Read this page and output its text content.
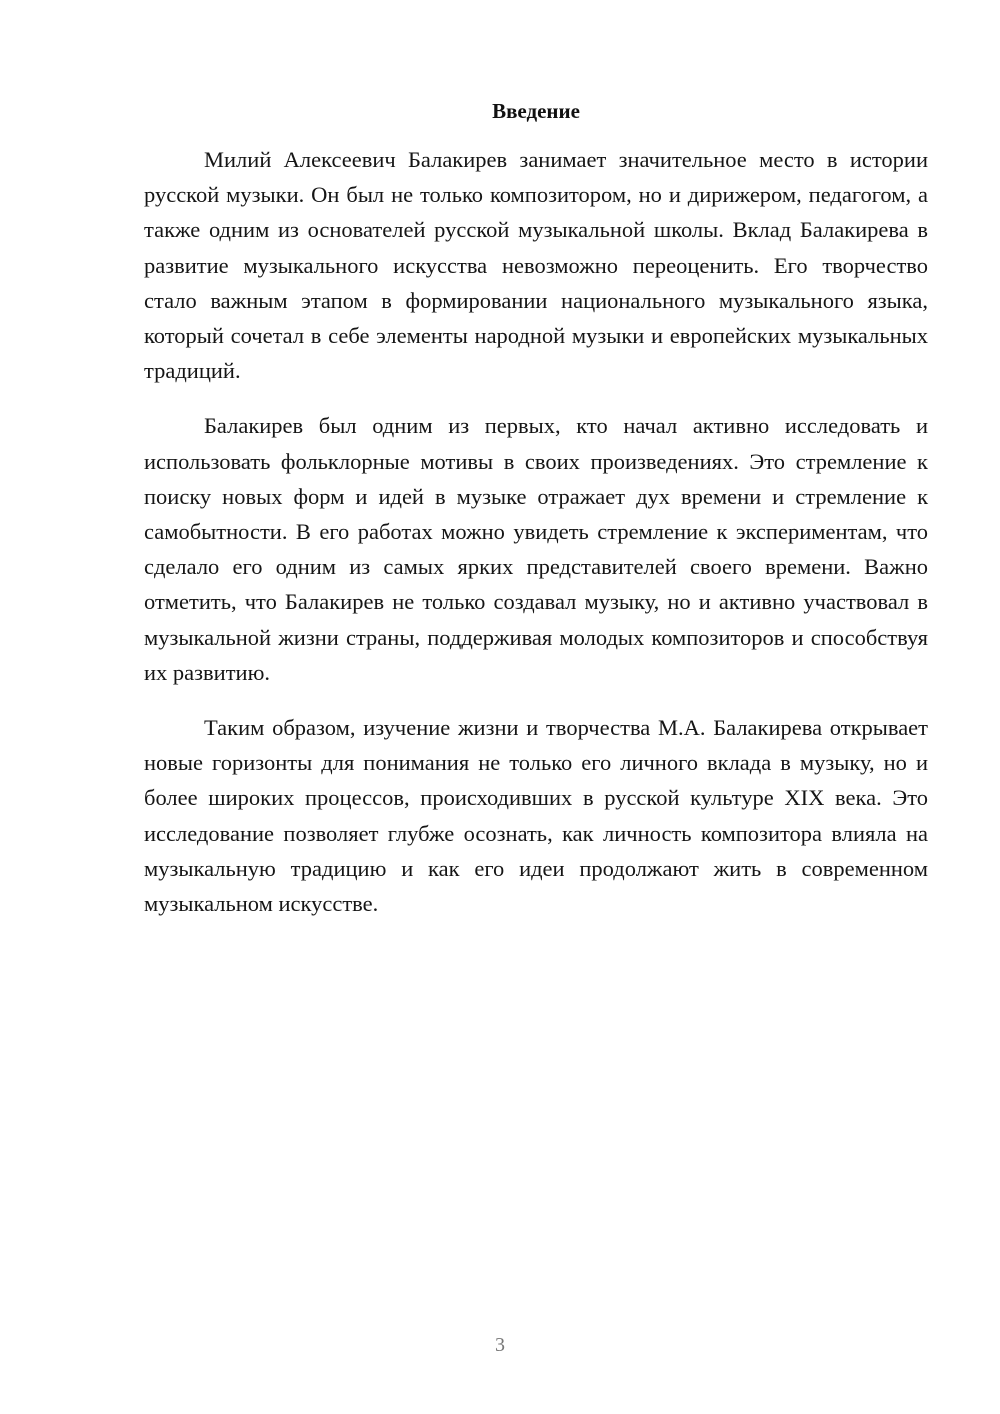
Введение

Милий Алексеевич Балакирев занимает значительное место в истории русской музыки. Он был не только композитором, но и дирижером, педагогом, а также одним из основателей русской музыкальной школы. Вклад Балакирева в развитие музыкального искусства невозможно переоценить. Его творчество стало важным этапом в формировании национального музыкального языка, который сочетал в себе элементы народной музыки и европейских музыкальных традиций.

Балакирев был одним из первых, кто начал активно исследовать и использовать фольклорные мотивы в своих произведениях. Это стремление к поиску новых форм и идей в музыке отражает дух времени и стремление к самобытности. В его работах можно увидеть стремление к экспериментам, что сделало его одним из самых ярких представителей своего времени. Важно отметить, что Балакирев не только создавал музыку, но и активно участвовал в музыкальной жизни страны, поддерживая молодых композиторов и способствуя их развитию.

Таким образом, изучение жизни и творчества М.А. Балакирева открывает новые горизонты для понимания не только его личного вклада в музыку, но и более широких процессов, происходивших в русской культуре XIX века. Это исследование позволяет глубже осознать, как личность композитора влияла на музыкальную традицию и как его идеи продолжают жить в современном музыкальном искусстве.

3
